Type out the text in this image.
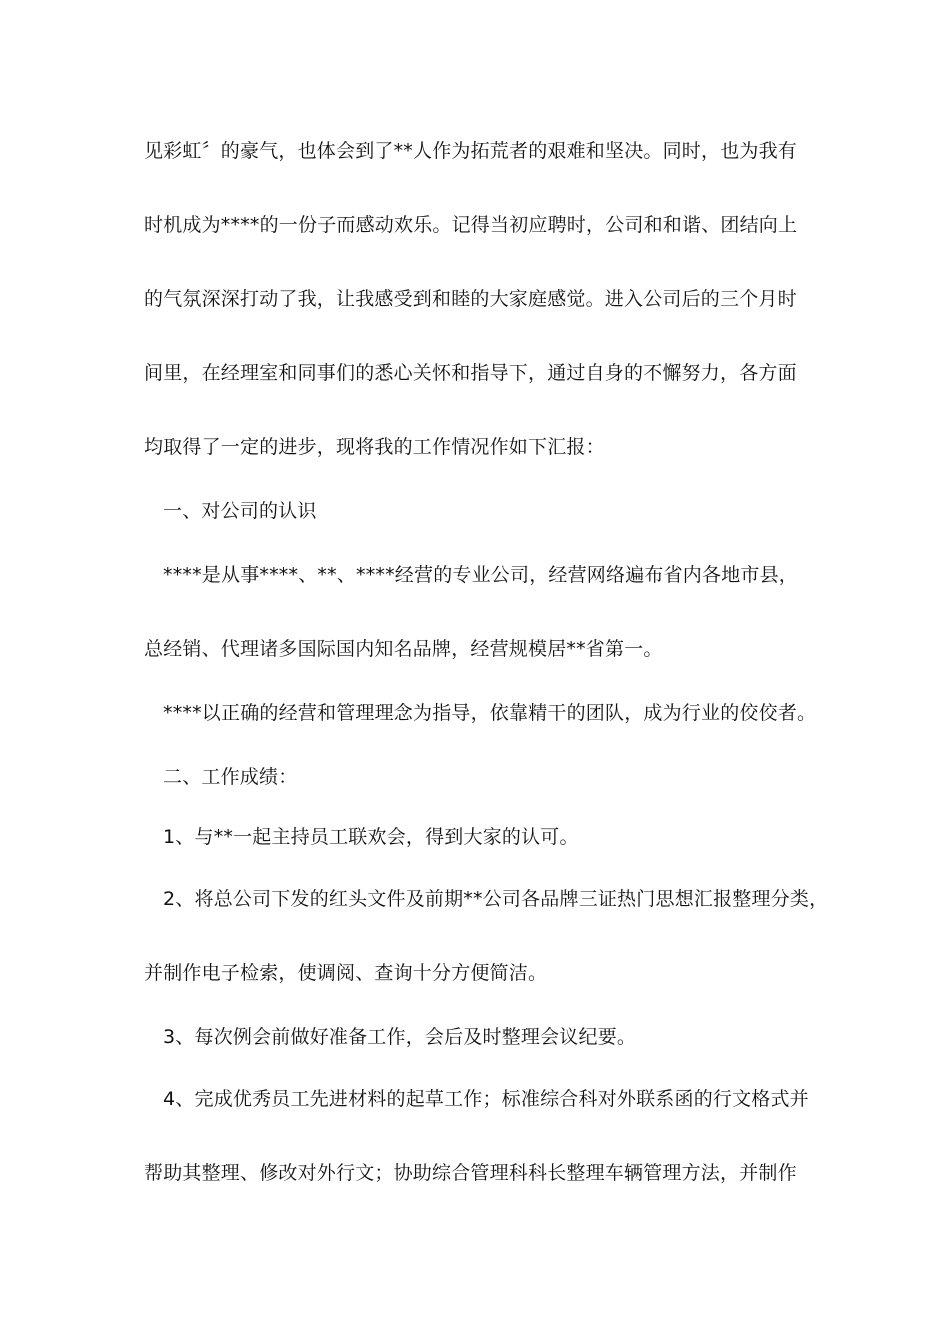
见彩虹〞的豪气，也体会到了**人作为拓荒者的艰难和坚决。同时，也为我有
时机成为****的一份子而感动欢乐。记得当初应聘时，公司和和谐、团结向上
的气氛深深打动了我，让我感受到和睦的大家庭感觉。进入公司后的三个月时
间里，在经理室和同事们的悉心关怀和指导下，通过自身的不懈努力，各方面
均取得了一定的进步，现将我的工作情况作如下汇报：
一、对公司的认识
****是从事****、**、****经营的专业公司，经营网络遍布省内各地市县，
总经销、代理诸多国际国内知名品牌，经营规模居**省第一。
****以正确的经营和管理理念为指导，依靠精干的团队，成为行业的佼佼者。
二、工作成绩：
1、与**一起主持员工联欢会，得到大家的认可。
2、将总公司下发的红头文件及前期**公司各品牌三证热门思想汇报整理分类，
并制作电子检索，使调阅、查询十分方便简洁。
3、每次例会前做好准备工作，会后及时整理会议纪要。
4、完成优秀员工先进材料的起草工作；标准综合科对外联系函的行文格式并
帮助其整理、修改对外行文；协助综合管理科科长整理车辆管理方法，并制作
